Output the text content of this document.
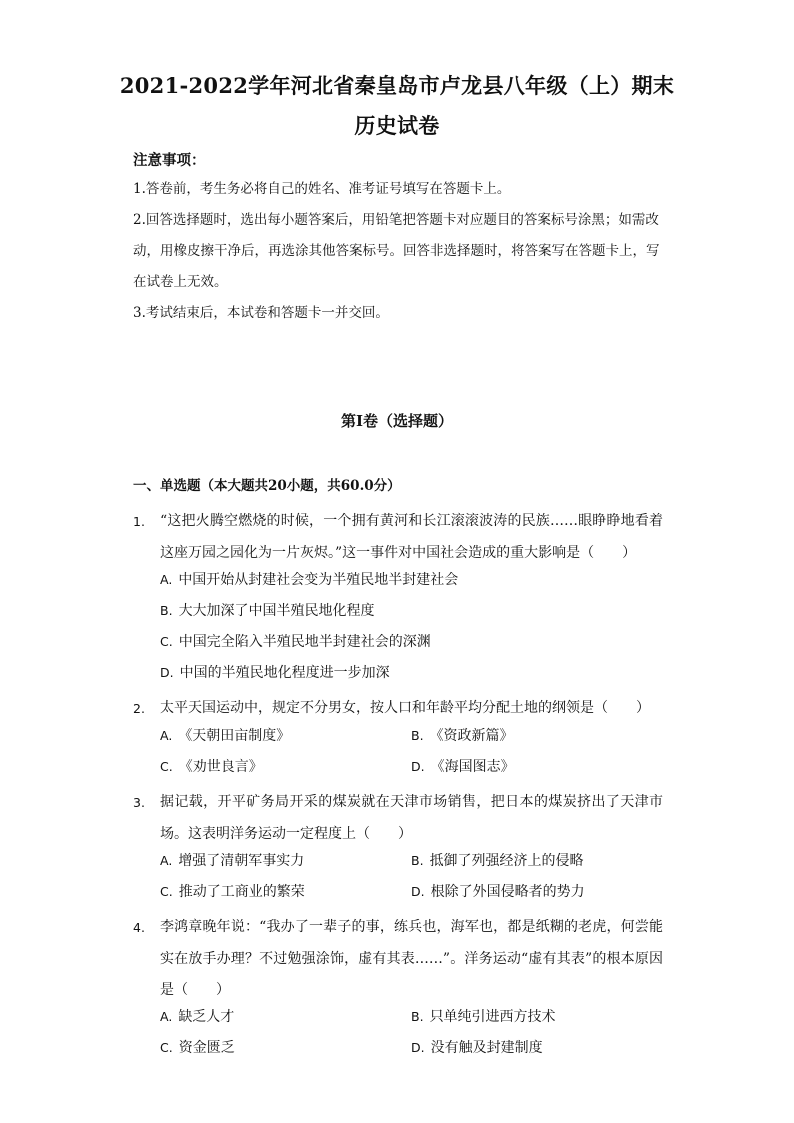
2021-2022学年河北省秦皇岛市卢龙县八年级（上）期末
历史试卷
注意事项：
1.答卷前，考生务必将自己的姓名、准考证号填写在答题卡上。
2.回答选择题时，选出每小题答案后，用铅笔把答题卡对应题目的答案标号涂黑；如需改动，用橡皮擦干净后，再选涂其他答案标号。回答非选择题时，将答案写在答题卡上，写在试卷上无效。
3.考试结束后，本试卷和答题卡一并交回。
第I卷（选择题）
一、单选题（本大题共20小题，共60.0分）
1.	“这把火腾空燃烧的时候，一个拥有黄河和长江滚滚波涛的民族……眼睁睁地看着这座万园之园化为一片灰烬。”这一事件对中国社会造成的重大影响是（　　）
A. 中国开始从封建社会变为半殖民地半封建社会
B. 大大加深了中国半殖民地化程度
C. 中国完全陷入半殖民地半封建社会的深渊
D. 中国的半殖民地化程度进一步加深
2.	太平天国运动中，规定不分男女，按人口和年龄平均分配土地的纲领是（　　）
A. 《天朝田亩制度》	B. 《资政新篇》
C. 《劝世良言》	D. 《海国图志》
3.	据记载，开平矿务局开采的煤炭就在天津市场销售，把日本的煤炭挤出了天津市场。这表明洋务运动一定程度上（　　）
A. 增强了清朝军事实力	B. 抵御了列强经济上的侵略
C. 推动了工商业的繁荣	D. 根除了外国侵略者的势力
4.	李鸿章晚年说：“我办了一辈子的事，练兵也，海军也，都是纸糊的老虎，何尝能实在放手办理？不过勉强涂饰，虚有其表……”。洋务运动“虚有其表”的根本原因是（　　）
A. 缺乏人才	B. 只单纯引进西方技术
C. 资金匮乏	D. 没有触及封建制度
